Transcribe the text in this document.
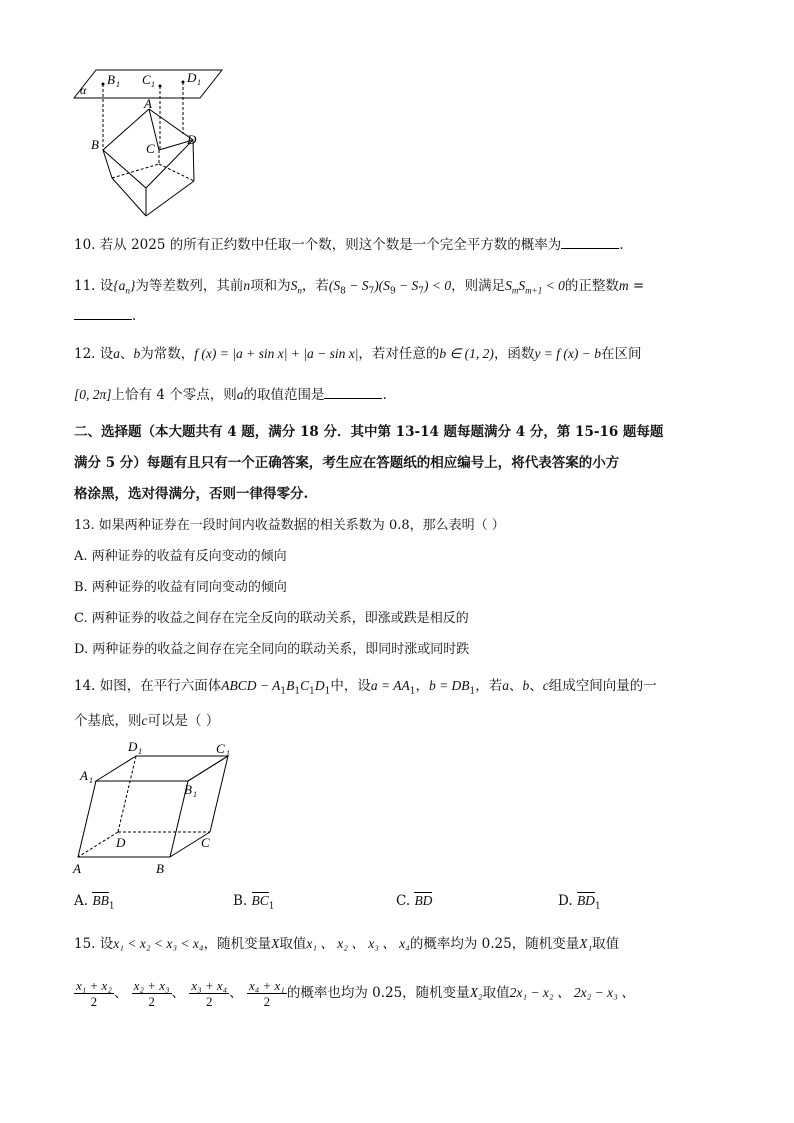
α
B 1 C 1 D 1
A
B	C
D
10. 若从 2025 的所有正约数中任取一个数，则这个数是一个完全平方数的概率为	.
11. 设$\{a_n\}$为等差数列，其前n项和为$S_n$，若$(S_8 - S_7)(S_9 - S_7) < 0$，则满足$S_mS_{m+1} < 0$的正整数m =
.
12. 设a、b为常数，f (x) = |a + sin x| + |a − sin x|，若对任意的b ∈ (1, 2)，函数y = f (x) − b在区间
[0, 2π]上恰有 4 个零点，则a的取值范围是	.
二、选择题（本大题共有 4 题，满分 18 分．其中第 13-14 题每题满分 4 分，第 15-16 题每题
满分 5 分）每题有且只有一个正确答案，考生应在答题纸的相应编号上，将代表答案的小方
格涂黑，选对得满分，否则一律得零分.
13. 如果两种证券在一段时间内收益数据的相关系数为 0.8，那么表明（ ）
A. 两种证券的收益有反向变动的倾向
B. 两种证券的收益有同向变动的倾向
C. 两种证券的收益之间存在完全反向的联动关系，即涨或跌是相反的
D. 两种证券的收益之间存在完全同向的联动关系，即同时涨或同时跌
14. 如图，在平行六面体ABCD − $A_1B_1C_1D_1$中，设$a = AA_1$，$b = DB_1$，若a、b、c组成空间向量的一
个基底，则c可以是（ ）
D 1	C 1
A 1
B 1
D	C
A	B
A. $BB_1$	B. $BC_1$	C. BD	D. $BD_1$
15. 设x₁ < x₂ < x₃ < x₄，随机变量X取值x₁ 、 x₂ 、 x₃ 、 x₄的概率均为 0.25，随机变量X₁取值
$\frac{\text{x₁ + x₂}}{2}$ 、 $\frac{\text{x₂ + x₃}}{2}$ 、 $\frac{\text{x₃ + x₄}}{2}$ 、 $\frac{\text{x₄ + x₁}}{2}$ 的概率也均为 0.25，随机变量X₂取值2x₁ − x₂ 、 2x₂ − x₃ 、
